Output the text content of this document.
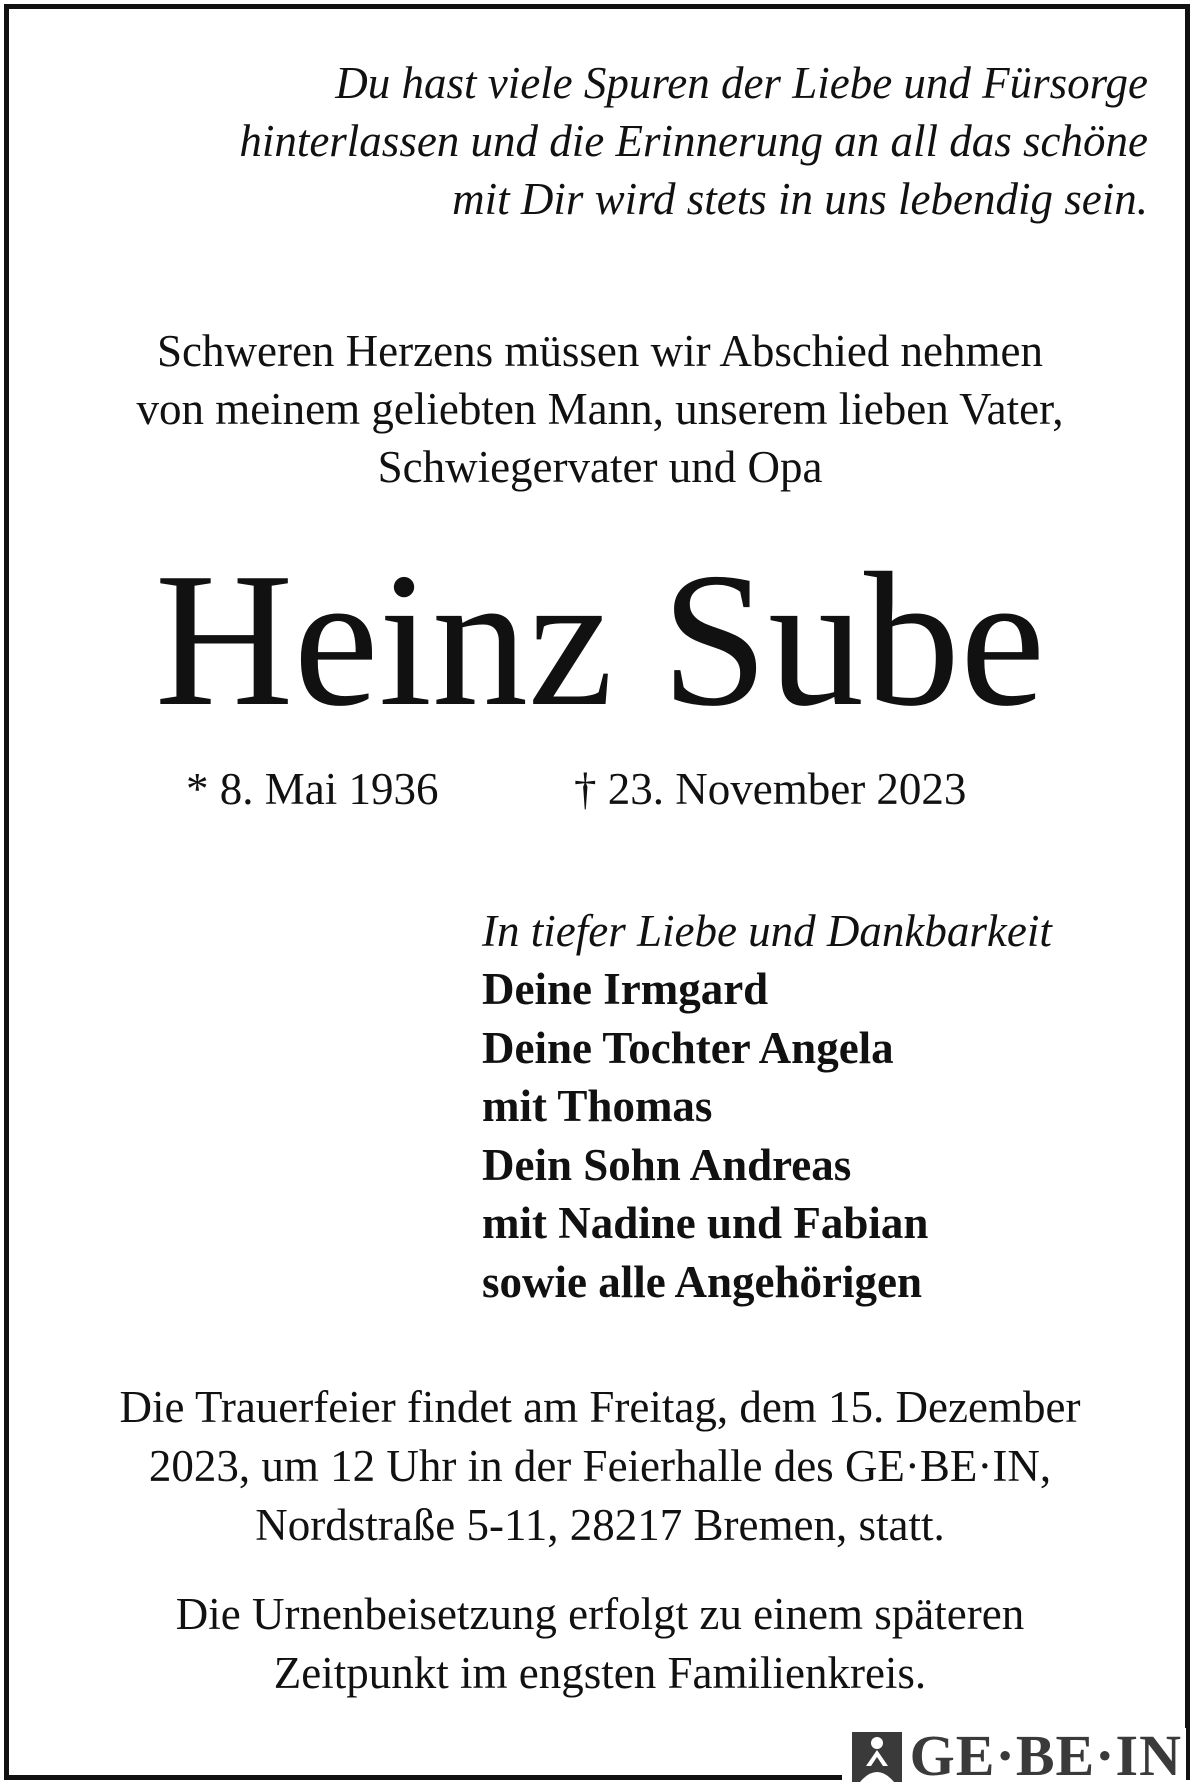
Du hast viele Spuren der Liebe und Fürsorge
hinterlassen und die Erinnerung an all das schöne
mit Dir wird stets in uns lebendig sein.
Schweren Herzens müssen wir Abschied nehmen
von meinem geliebten Mann, unserem lieben Vater,
Schwiegervater und Opa
Heinz Sube
* 8. Mai 1936	† 23. November 2023
In tiefer Liebe und Dankbarkeit
Deine Irmgard
Deine Tochter Angela
mit Thomas
Dein Sohn Andreas
mit Nadine und Fabian
sowie alle Angehörigen
Die Trauerfeier findet am Freitag, dem 15. Dezember
2023, um 12 Uhr in der Feierhalle des GE·BE·IN,
Nordstraße 5-11, 28217 Bremen, statt.
Die Urnenbeisetzung erfolgt zu einem späteren
Zeitpunkt im engsten Familienkreis.
GE·BE·IN
